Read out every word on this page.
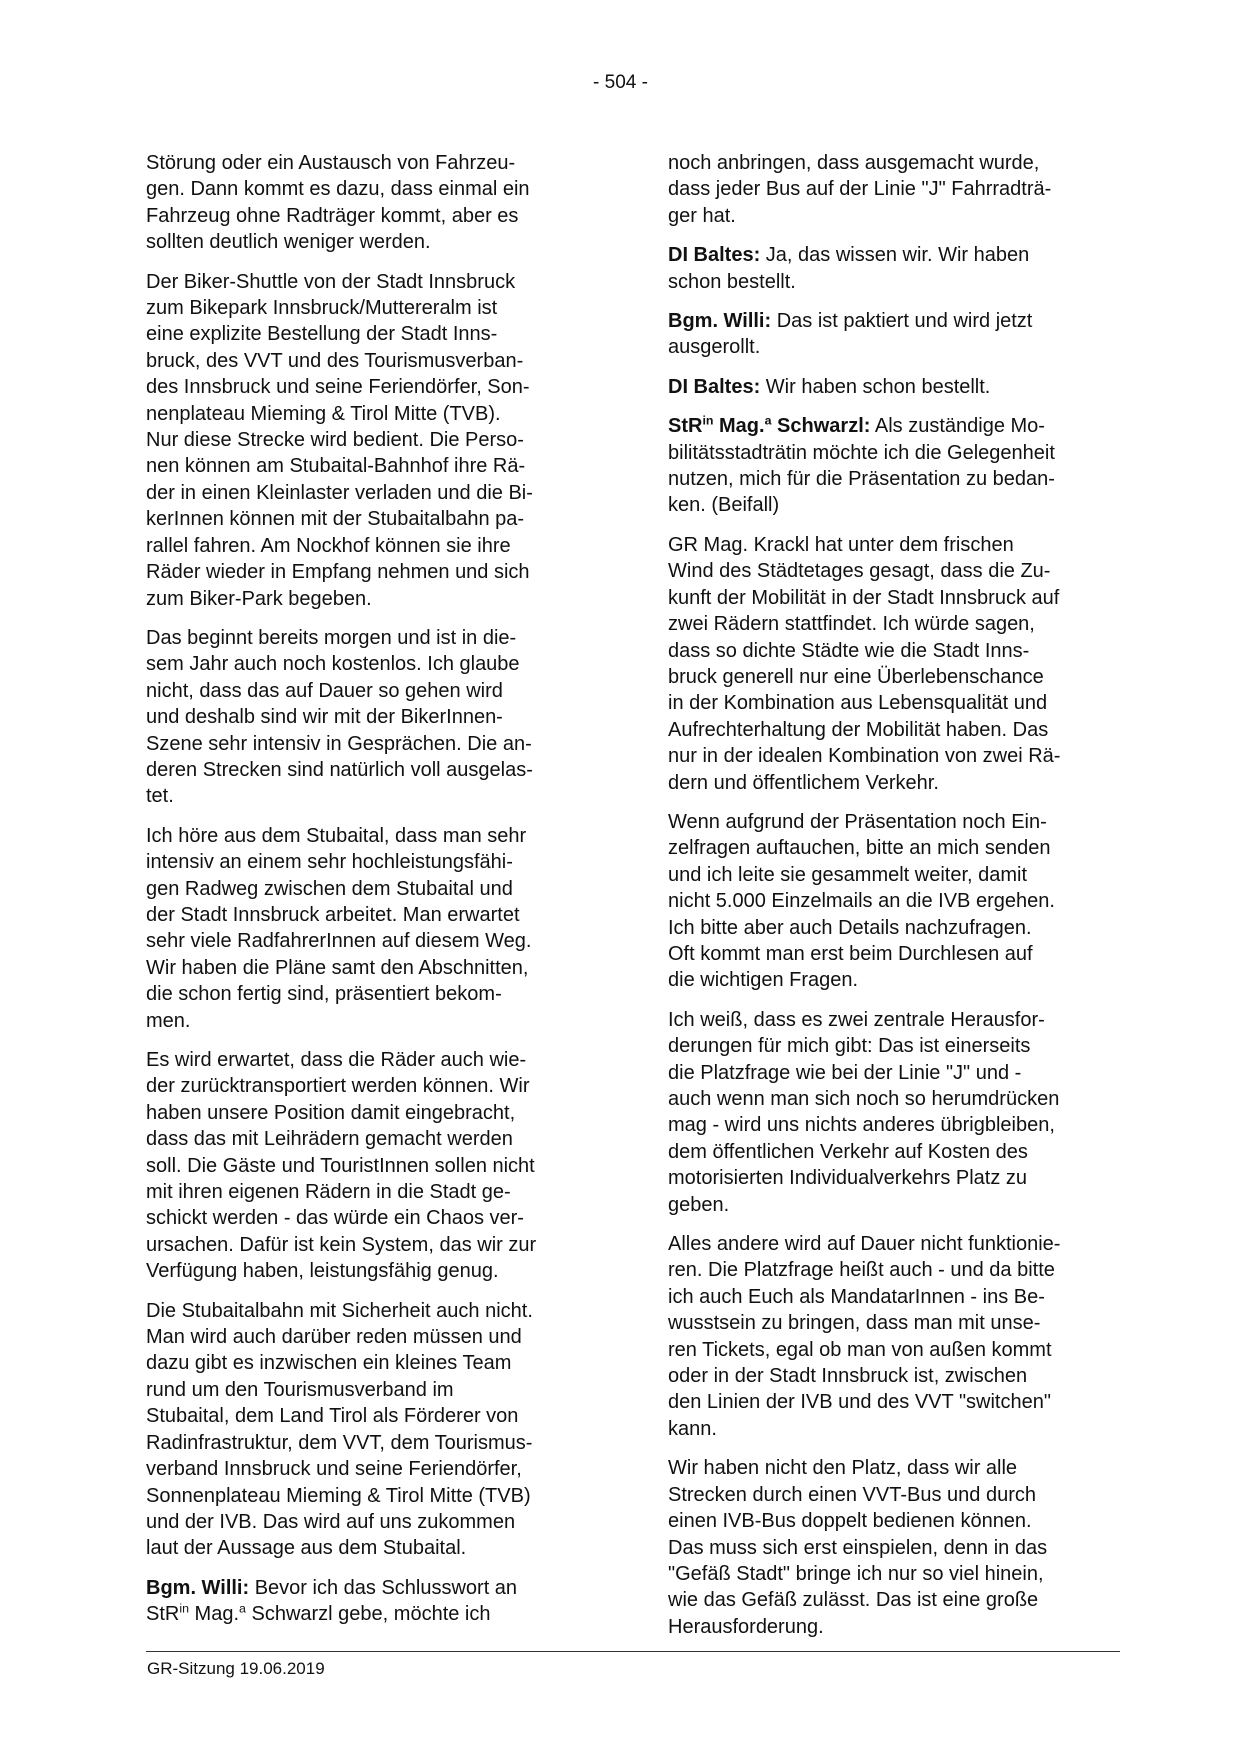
- 504 -

Störung oder ein Austausch von Fahrzeu-
gen. Dann kommt es dazu, dass einmal ein
Fahrzeug ohne Radträger kommt, aber es
sollten deutlich weniger werden.

Der Biker-Shuttle von der Stadt Innsbruck
zum Bikepark Innsbruck/Muttereralm ist
eine explizite Bestellung der Stadt Inns-
bruck, des VVT und des Tourismusverban-
des Innsbruck und seine Feriendörfer, Son-
nenplateau Mieming & Tirol Mitte (TVB).
Nur diese Strecke wird bedient. Die Perso-
nen können am Stubaital-Bahnhof ihre Rä-
der in einen Kleinlaster verladen und die Bi-
kerInnen können mit der Stubaitalbahn pa-
rallel fahren. Am Nockhof können sie ihre
Räder wieder in Empfang nehmen und sich
zum Biker-Park begeben.

Das beginnt bereits morgen und ist in die-
sem Jahr auch noch kostenlos. Ich glaube
nicht, dass das auf Dauer so gehen wird
und deshalb sind wir mit der BikerInnen-
Szene sehr intensiv in Gesprächen. Die an-
deren Strecken sind natürlich voll ausgelas-
tet.

Ich höre aus dem Stubaital, dass man sehr
intensiv an einem sehr hochleistungsfähi-
gen Radweg zwischen dem Stubaital und
der Stadt Innsbruck arbeitet. Man erwartet
sehr viele RadfahrerInnen auf diesem Weg.
Wir haben die Pläne samt den Abschnitten,
die schon fertig sind, präsentiert bekom-
men.

Es wird erwartet, dass die Räder auch wie-
der zurücktransportiert werden können. Wir
haben unsere Position damit eingebracht,
dass das mit Leihrädern gemacht werden
soll. Die Gäste und TouristInnen sollen nicht
mit ihren eigenen Rädern in die Stadt ge-
schickt werden - das würde ein Chaos ver-
ursachen. Dafür ist kein System, das wir zur
Verfügung haben, leistungsfähig genug.

Die Stubaitalbahn mit Sicherheit auch nicht.
Man wird auch darüber reden müssen und
dazu gibt es inzwischen ein kleines Team
rund um den Tourismusverband im
Stubaital, dem Land Tirol als Förderer von
Radinfrastruktur, dem VVT, dem Tourismus-
verband Innsbruck und seine Feriendörfer,
Sonnenplateau Mieming & Tirol Mitte (TVB)
und der IVB. Das wird auf uns zukommen
laut der Aussage aus dem Stubaital.

Bgm. Willi: Bevor ich das Schlusswort an
StR$^{in}$ Mag.$^a$ Schwarzl gebe, möchte ich

noch anbringen, dass ausgemacht wurde,
dass jeder Bus auf der Linie "J" Fahrradträ-
ger hat.

DI Baltes: Ja, das wissen wir. Wir haben
schon bestellt.

Bgm. Willi: Das ist paktiert und wird jetzt
ausgerollt.

DI Baltes: Wir haben schon bestellt.

StR$^{in}$ Mag.$^a$ Schwarzl: Als zuständige Mo-
bilitätsstadträtin möchte ich die Gelegenheit
nutzen, mich für die Präsentation zu bedan-
ken. (Beifall)

GR Mag. Krackl hat unter dem frischen
Wind des Städtetages gesagt, dass die Zu-
kunft der Mobilität in der Stadt Innsbruck auf
zwei Rädern stattfindet. Ich würde sagen,
dass so dichte Städte wie die Stadt Inns-
bruck generell nur eine Überlebenschance
in der Kombination aus Lebensqualität und
Aufrechterhaltung der Mobilität haben. Das
nur in der idealen Kombination von zwei Rä-
dern und öffentlichem Verkehr.

Wenn aufgrund der Präsentation noch Ein-
zelfragen auftauchen, bitte an mich senden
und ich leite sie gesammelt weiter, damit
nicht 5.000 Einzelmails an die IVB ergehen.
Ich bitte aber auch Details nachzufragen.
Oft kommt man erst beim Durchlesen auf
die wichtigen Fragen.

Ich weiß, dass es zwei zentrale Herausfor-
derungen für mich gibt: Das ist einerseits
die Platzfrage wie bei der Linie "J" und -
auch wenn man sich noch so herumdrücken
mag - wird uns nichts anderes übrigbleiben,
dem öffentlichen Verkehr auf Kosten des
motorisierten Individualverkehrs Platz zu
geben.

Alles andere wird auf Dauer nicht funktionie-
ren. Die Platzfrage heißt auch - und da bitte
ich auch Euch als MandatarInnen - ins Be-
wusstsein zu bringen, dass man mit unse-
ren Tickets, egal ob man von außen kommt
oder in der Stadt Innsbruck ist, zwischen
den Linien der IVB und des VVT "switchen"
kann.

Wir haben nicht den Platz, dass wir alle
Strecken durch einen VVT-Bus und durch
einen IVB-Bus doppelt bedienen können.
Das muss sich erst einspielen, denn in das
"Gefäß Stadt" bringe ich nur so viel hinein,
wie das Gefäß zulässt. Das ist eine große
Herausforderung.

GR-Sitzung 19.06.2019
